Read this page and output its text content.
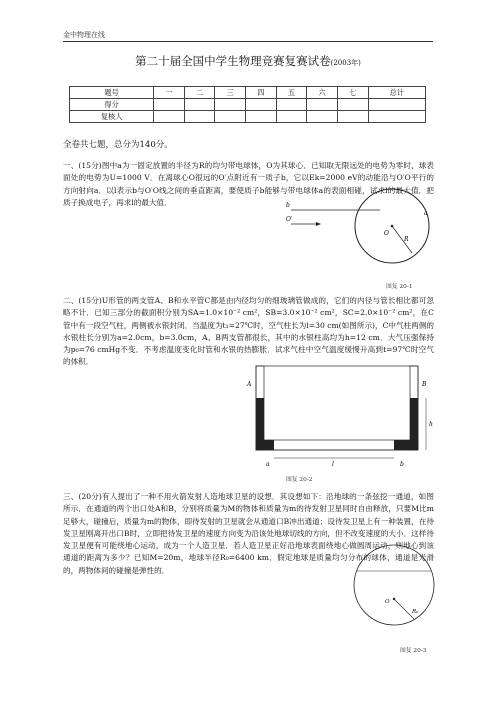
金中物理在线
第二十届全国中学生物理竞赛复赛试卷(2003年)
题号	一	二	三	四	五	六	七	总计
得分								
复核人								
全卷共七题，总分为140分。
一、(15分)图中a为一固定放置的半径为R的均匀带电球体，O为其球心．已知取无限远处的电势为零时，球表面处的电势为U=1000 V．在离球心O很远的O′点附近有一质子b，它以Ek=2000 eV的动能沿与O′O平行的方向射向a．以l表示b与O′O线之间的垂直距离，要使质子b能够与带电球体a的表面相碰，试求l的最大值．把质子换成电子，再求l的最大值．	b
O′
O
R
a
图复 20-1
二、(15分)U形管的两支管A、B和水平管C都是由内径均匀的细玻璃管做成的，它们的内径与管长相比都可忽略不计．已知三部分的截面积分别为SA=1.0×10⁻² cm²，SB=3.0×10⁻² cm²，SC=2.0×10⁻² cm²，在C管中有一段空气柱，两侧被水银封闭．当温度为t₁=27℃时，空气柱长为l=30 cm(如图所示)，C中气柱两侧的水银柱长分别为a=2.0cm，b=3.0cm，A、B两支管都很长，其中的水银柱高均为h=12 cm．大气压强保持为p₀=76 cmHg不变．不考虑温度变化时管和水银的热膨胀．试求气柱中空气温度缓慢升高到t=97℃时空气的体积．
A	B
a	l	b
h
图复 20-2
三、(20分)有人提出了一种不用火箭发射人造地球卫星的设想．其设想如下：沿地球的一条弦挖一通道，如图所示．在通道的两个出口处A和B，分别将质量为M的物体和质量为m的待发射卫星同时自由释放，只要M比m足够大，碰撞后，质量为m的物体，即待发射的卫星就会从通道口B冲出通道；设待发卫星上有一种装置，在待发卫星刚离开出口B时，立即把待发卫星的速度方向变为沿该处地球切线的方向，但不改变速度的大小．这样待发卫星便有可能绕地心运动，成为一个人造卫星．若人造卫星正好沿地球表面绕地心做圆周运动，则地心到该通道的距离为多少？已知M=20m，地球半径R₀=6400 km．假定地球是质量均匀分布的球体，通道是光滑的，两物体间的碰撞是弹性的．
O
R₀
图复 20-3
